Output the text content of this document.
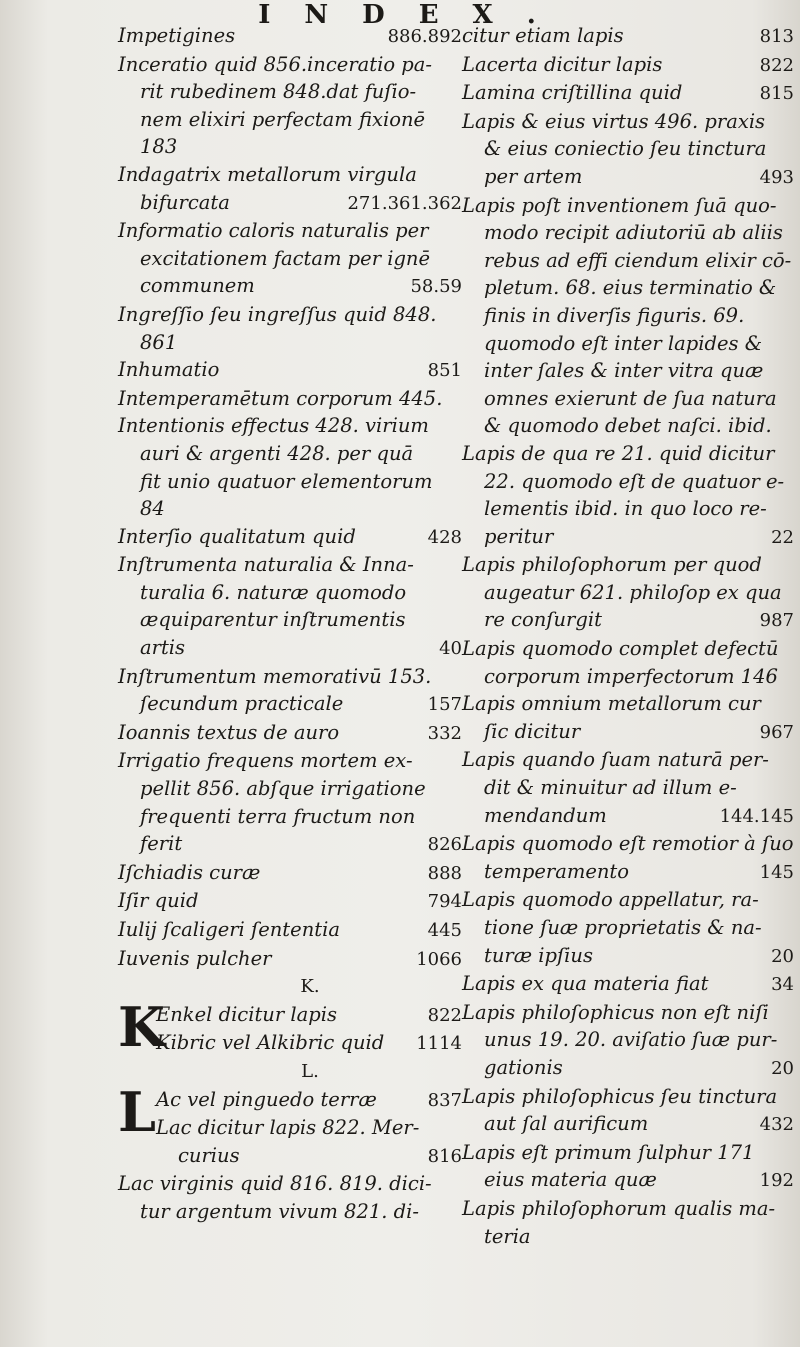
INDEX.
Impetigines	886.892
Inceratio quid 856.inceratio pa-
rit rubedinem 848.dat fuſio-
nem elixiri perfectam fixionē
183
Indagatrix metallorum virgula
bifurcata	271.361.362
Informatio caloris naturalis per
excitationem factam per ignē
communem	58.59
Ingreſſio ſeu ingreſſus quid 848.
861
Inhumatio	851
Intemperamētum corporum 445.
Intentionis effectus 428. virium
auri & argenti 428. per quā
fit unio quatuor elementorum
84
Interſio qualitatum quid	428
Inſtrumenta naturalia & Inna-
turalia 6. naturæ quomodo
æquiparentur inſtrumentis
artis	40
Inſtrumentum memorativū 153.
ſecundum practicale	157
Ioannis textus de auro	332
Irrigatio frequens mortem ex-
pellit 856. abſque irrigatione
frequenti terra fructum non
ferit	826
Iſchiadis curæ	888
Iſir quid	794
Iulij ſcaligeri ſententia	445
Iuvenis pulcher	1066
K.
K
Enkel dicitur lapis	822
Kibric vel Alkibric quid 1114
L.
L Ac vel pinguedo terræ	837
Lac dicitur lapis 822. Mer-
curius	816
Lac virginis quid 816. 819. dici-
tur argentum vivum 821. di-
citur etiam lapis	813
Lacerta dicitur lapis	822
Lamina criſtillina quid	815
Lapis & eius virtus 496. praxis
& eius coniectio ſeu tinctura
per artem	493
Lapis poſt inventionem ſuā quo-
modo recipit adiutoriū ab aliis
rebus ad effi ciendum elixir cō-
pletum. 68. eius terminatio &
finis in diverſis figuris. 69.
quomodo eſt inter lapides &
inter ſales & inter vitra quæ
omnes exierunt de ſua natura
& quomodo debet naſci. ibid.
Lapis de qua re 21. quid dicitur
22. quomodo eſt de quatuor e-
lementis ibid. in quo loco re-
peritur	22
Lapis philoſophorum per quod
augeatur 621. philoſop ex qua
re conſurgit	987
Lapis quomodo complet defectū
corporum imperfectorum 146
Lapis omnium metallorum cur
ſic dicitur	967
Lapis quando ſuam naturā per-
dit & minuitur ad illum e-
mendandum	144.145
Lapis quomodo eſt remotior à ſuo
temperamento	145
Lapis quomodo appellatur, ra-
tione ſuæ proprietatis & na-
turæ ipſius	20
Lapis ex qua materia fiat	34
Lapis philoſophicus non eſt niſi
unus 19. 20. aviſatio ſuæ pur-
gationis	20
Lapis philoſophicus ſeu tinctura
aut ſal aurificum	432
Lapis eſt primum ſulphur 171
eius materia quæ	192
Lapis philoſophorum qualis ma-
teria
